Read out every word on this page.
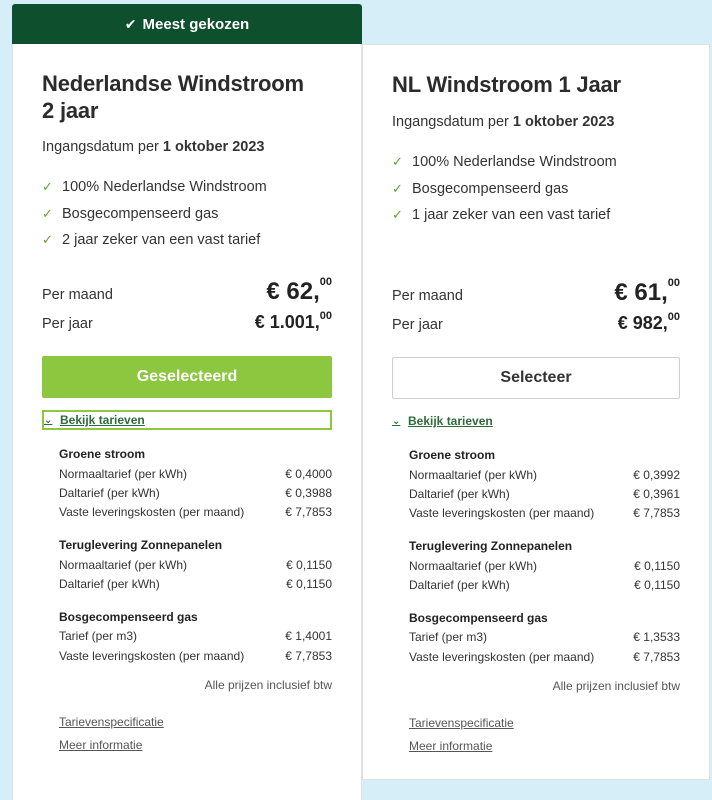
✔ Meest gekozen
Nederlandse Windstroom
2 jaar
Ingangsdatum per 1 oktober 2023
✓ 100% Nederlandse Windstroom
✓ Bosgecompenseerd gas
✓ 2 jaar zeker van een vast tarief
Per maand	€ 62,00
Per jaar	€ 1.001,00
Geselecteerd
⌄ Bekijk tarieven
Groene stroom
Normaaltarief (per kWh)	€ 0,4000
Daltarief (per kWh)	€ 0,3988
Vaste leveringskosten (per maand)	€ 7,7853
Teruglevering Zonnepanelen
Normaaltarief (per kWh)	€ 0,1150
Daltarief (per kWh)	€ 0,1150
Bosgecompenseerd gas
Tarief (per m3)	€ 1,4001
Vaste leveringskosten (per maand)	€ 7,7853
Alle prijzen inclusief btw
Tarievenspecificatie
Meer informatie
NL Windstroom 1 Jaar
Ingangsdatum per 1 oktober 2023
✓ 100% Nederlandse Windstroom
✓ Bosgecompenseerd gas
✓ 1 jaar zeker van een vast tarief
Per maand	€ 61,00
Per jaar	€ 982,00
Selecteer
⌄ Bekijk tarieven
Groene stroom
Normaaltarief (per kWh)	€ 0,3992
Daltarief (per kWh)	€ 0,3961
Vaste leveringskosten (per maand)	€ 7,7853
Teruglevering Zonnepanelen
Normaaltarief (per kWh)	€ 0,1150
Daltarief (per kWh)	€ 0,1150
Bosgecompenseerd gas
Tarief (per m3)	€ 1,3533
Vaste leveringskosten (per maand)	€ 7,7853
Alle prijzen inclusief btw
Tarievenspecificatie
Meer informatie
